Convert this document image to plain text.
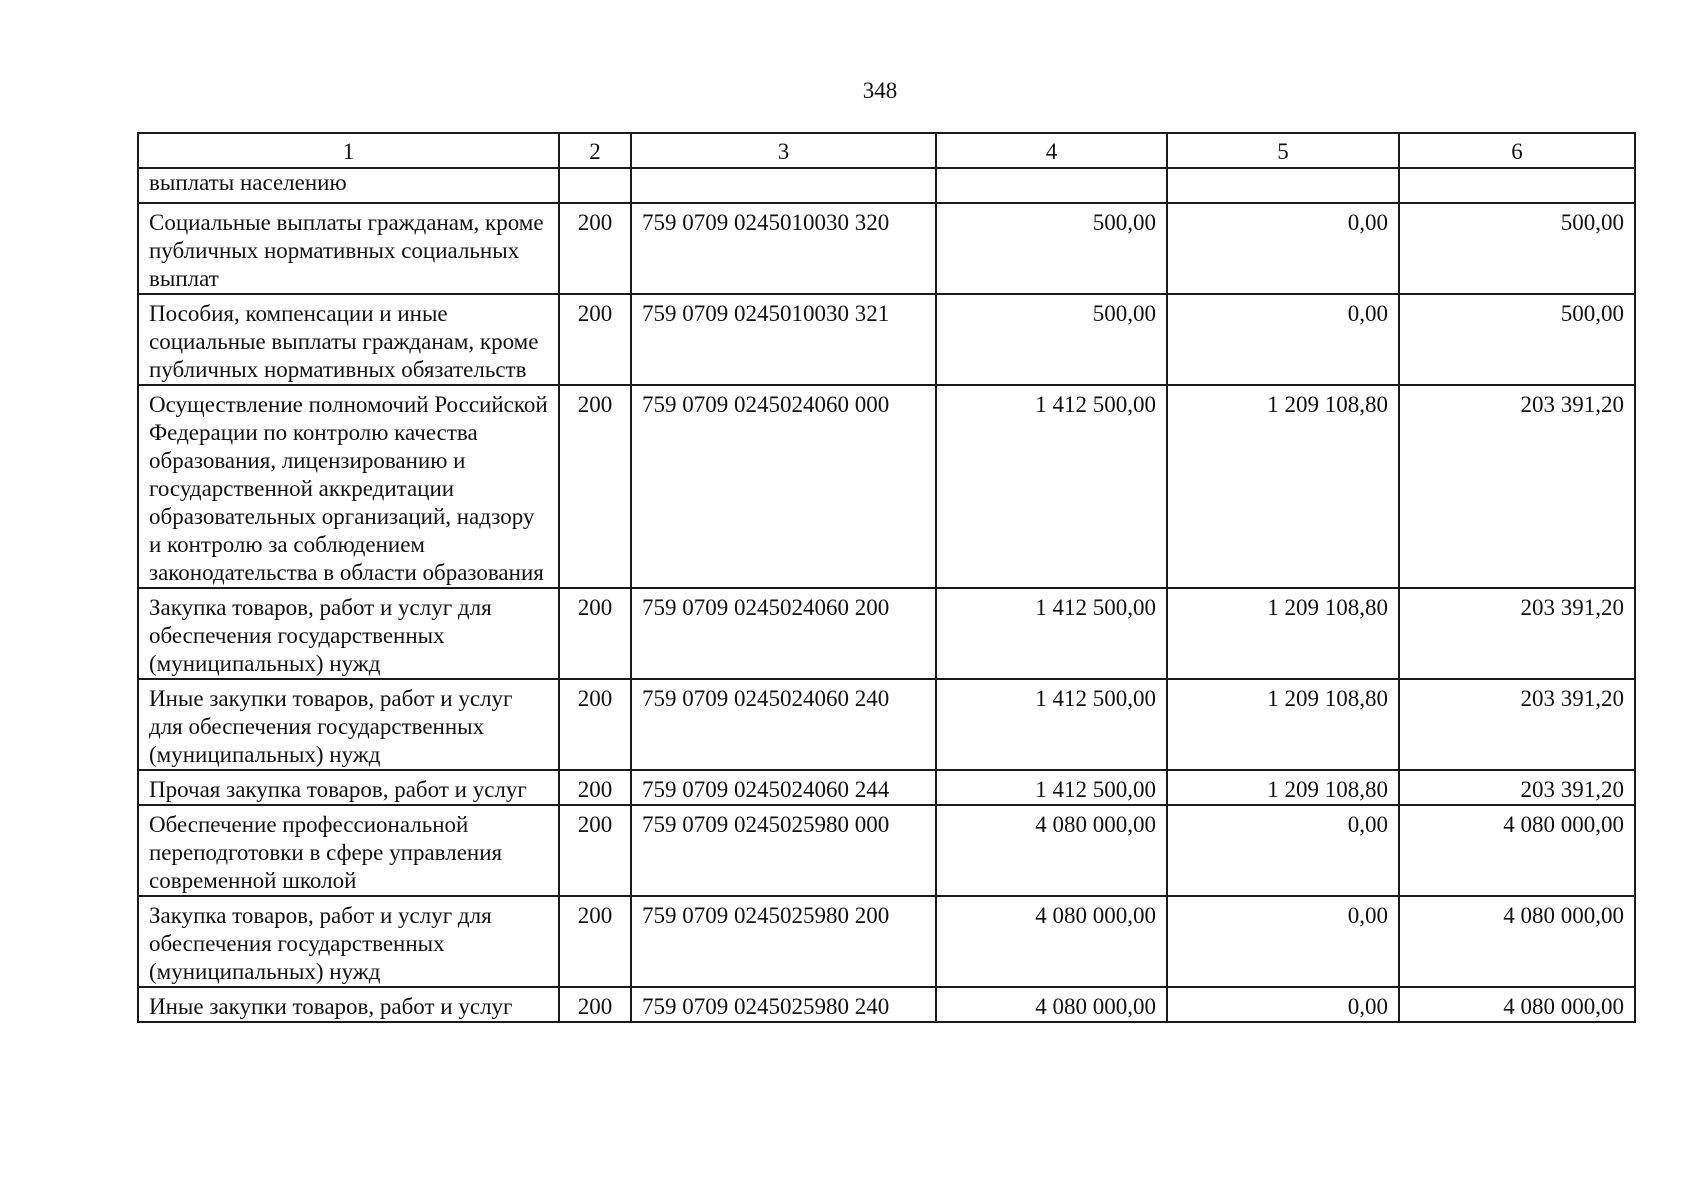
348
1	2	3	4	5	6
выплаты населению					
Социальные выплаты гражданам, кроме публичных нормативных социальных выплат	200	759 0709 0245010030 320	500,00	0,00	500,00
Пособия, компенсации и иные социальные выплаты гражданам, кроме публичных нормативных обязательств	200	759 0709 0245010030 321	500,00	0,00	500,00
Осуществление полномочий Российской Федерации по контролю качества образования, лицензированию и государственной аккредитации образовательных организаций, надзору и контролю за соблюдением законодательства в области образования	200	759 0709 0245024060 000	1 412 500,00	1 209 108,80	203 391,20
Закупка товаров, работ и услуг для обеспечения государственных (муниципальных) нужд	200	759 0709 0245024060 200	1 412 500,00	1 209 108,80	203 391,20
Иные закупки товаров, работ и услуг для обеспечения государственных (муниципальных) нужд	200	759 0709 0245024060 240	1 412 500,00	1 209 108,80	203 391,20
Прочая закупка товаров, работ и услуг	200	759 0709 0245024060 244	1 412 500,00	1 209 108,80	203 391,20
Обеспечение профессиональной переподготовки в сфере управления современной школой	200	759 0709 0245025980 000	4 080 000,00	0,00	4 080 000,00
Закупка товаров, работ и услуг для обеспечения государственных (муниципальных) нужд	200	759 0709 0245025980 200	4 080 000,00	0,00	4 080 000,00
Иные закупки товаров, работ и услуг	200	759 0709 0245025980 240	4 080 000,00	0,00	4 080 000,00
